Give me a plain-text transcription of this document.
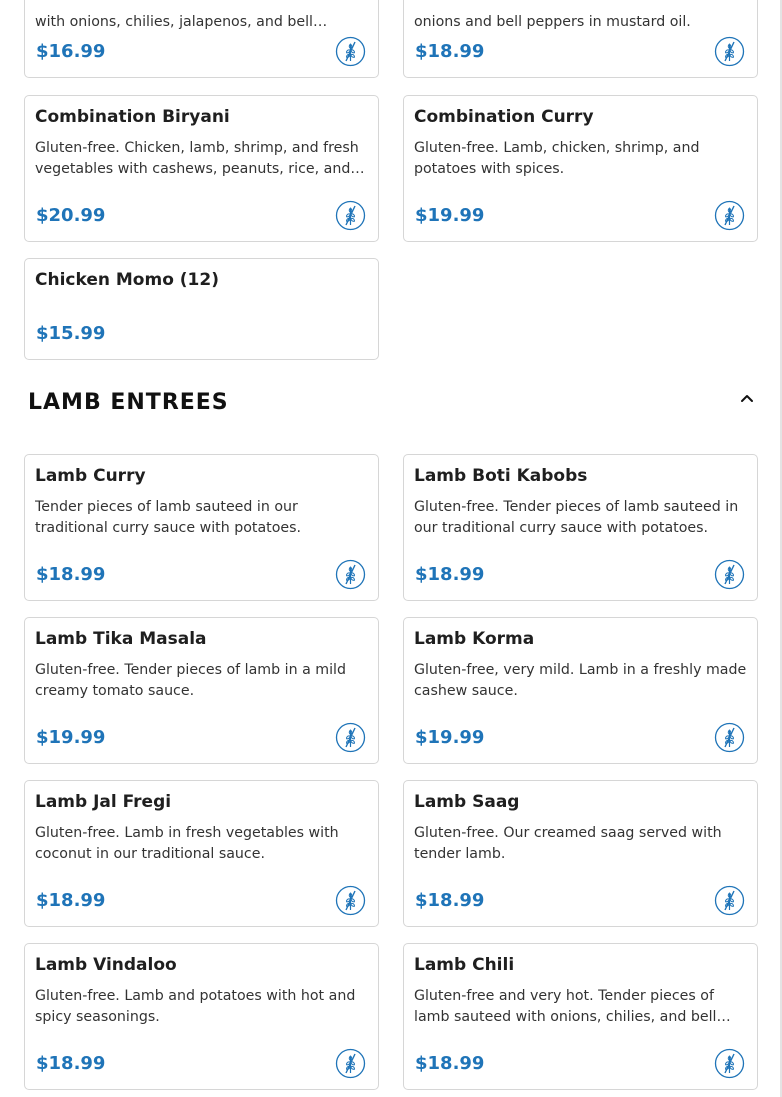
with onions, chilies, jalapenos, and bell
$16.99
onions and bell peppers in mustard oil.
$18.99
Combination Biryani
Gluten-free. Chicken, lamb, shrimp, and fresh vegetables with cashews, peanuts, rice, and…
$20.99
Combination Curry
Gluten-free. Lamb, chicken, shrimp, and potatoes with spices.
$19.99
Chicken Momo (12)
$15.99
LAMB ENTREES
Lamb Curry
Tender pieces of lamb sauteed in our traditional curry sauce with potatoes.
$18.99
Lamb Boti Kabobs
Gluten-free. Tender pieces of lamb sauteed in our traditional curry sauce with potatoes.
$18.99
Lamb Tika Masala
Gluten-free. Tender pieces of lamb in a mild creamy tomato sauce.
$19.99
Lamb Korma
Gluten-free, very mild. Lamb in a freshly made cashew sauce.
$19.99
Lamb Jal Fregi
Gluten-free. Lamb in fresh vegetables with coconut in our traditional sauce.
$18.99
Lamb Saag
Gluten-free. Our creamed saag served with tender lamb.
$18.99
Lamb Vindaloo
Gluten-free. Lamb and potatoes with hot and spicy seasonings.
$18.99
Lamb Chili
Gluten-free and very hot. Tender pieces of lamb sauteed with onions, chilies, and bell…
$18.99
